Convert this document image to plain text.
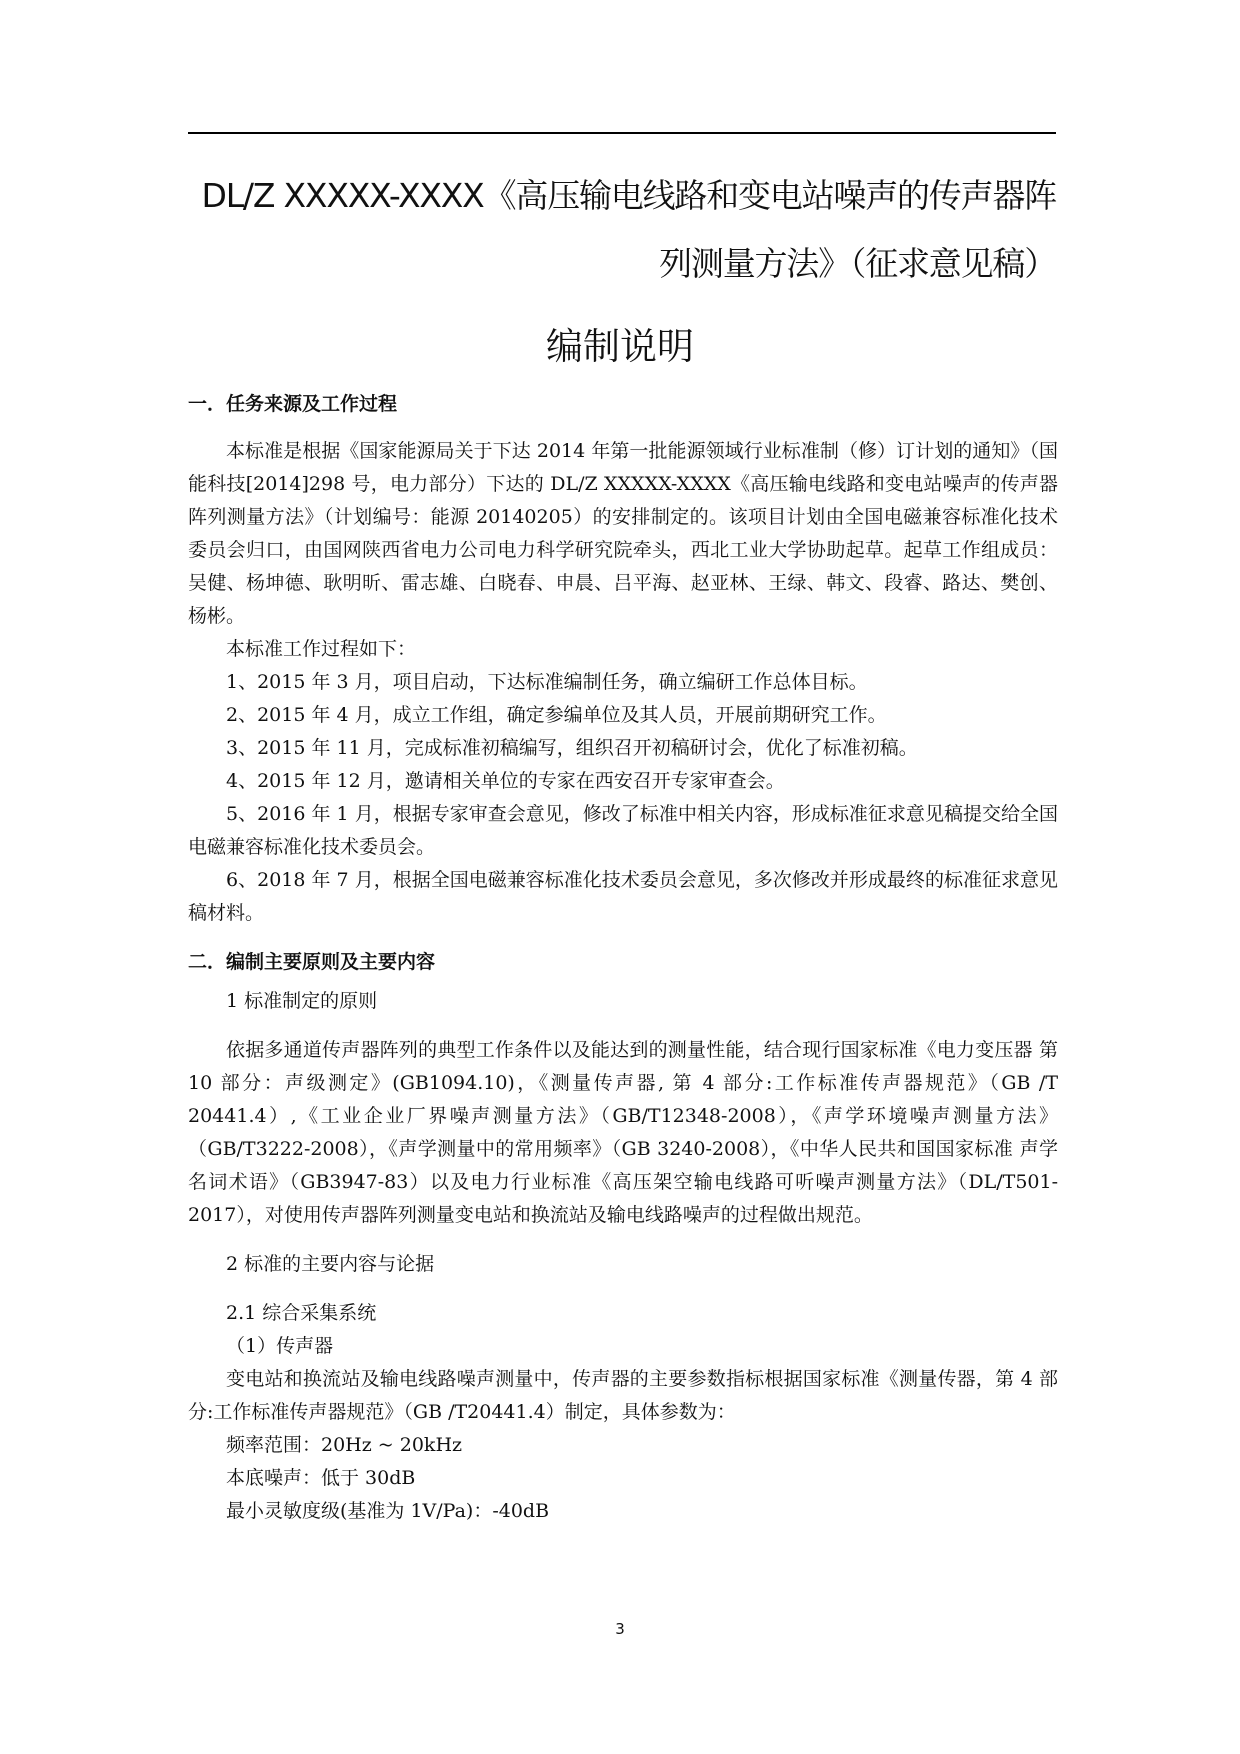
DL/Z XXXXX-XXXX《高压输电线路和变电站噪声的传声器阵
列测量方法》（征求意见稿）
编制说明
一．任务来源及工作过程

本标准是根据《国家能源局关于下达 2014 年第一批能源领域行业标准制（修）订计划的通知》（国能科技[2014]298 号，电力部分）下达的 DL/Z XXXXX-XXXX《高压输电线路和变电站噪声的传声器阵列测量方法》（计划编号：能源 20140205）的安排制定的。该项目计划由全国电磁兼容标准化技术委员会归口，由国网陕西省电力公司电力科学研究院牵头，西北工业大学协助起草。起草工作组成员：吴健、杨坤德、耿明昕、雷志雄、白晓春、申晨、吕平海、赵亚林、王绿、韩文、段睿、路达、樊创、杨彬。

本标准工作过程如下：

1、2015 年 3 月，项目启动，下达标准编制任务，确立编研工作总体目标。

2、2015 年 4 月，成立工作组，确定参编单位及其人员，开展前期研究工作。

3、2015 年 11 月，完成标准初稿编写，组织召开初稿研讨会，优化了标准初稿。

4、2015 年 12 月，邀请相关单位的专家在西安召开专家审查会。

5、2016 年 1 月，根据专家审查会意见，修改了标准中相关内容，形成标准征求意见稿提交给全国电磁兼容标准化技术委员会。

6、2018 年 7 月，根据全国电磁兼容标准化技术委员会意见，多次修改并形成最终的标准征求意见稿材料。

二．编制主要原则及主要内容

1 标准制定的原则

依据多通道传声器阵列的典型工作条件以及能达到的测量性能，结合现行国家标准《电力变压器 第 10 部分：声级测定》(GB1094.10)，《测量传声器, 第 4 部分:工作标准传声器规范》（GB /T 20441.4）,《工业企业厂界噪声测量方法》（GB/T12348-2008），《声学环境噪声测量方法》（GB/T3222-2008），《声学测量中的常用频率》（GB 3240-2008），《中华人民共和国国家标准 声学名词术语》（GB3947-83）以及电力行业标准《高压架空输电线路可听噪声测量方法》（DL/T501-2017），对使用传声器阵列测量变电站和换流站及输电线路噪声的过程做出规范。

2 标准的主要内容与论据

2.1 综合采集系统

（1）传声器

变电站和换流站及输电线路噪声测量中，传声器的主要参数指标根据国家标准《测量传器，第 4 部分:工作标准传声器规范》（GB /T20441.4）制定，具体参数为：

频率范围：20Hz ~ 20kHz

本底噪声：低于 30dB

最小灵敏度级(基准为 1V/Pa)：-40dB

3
